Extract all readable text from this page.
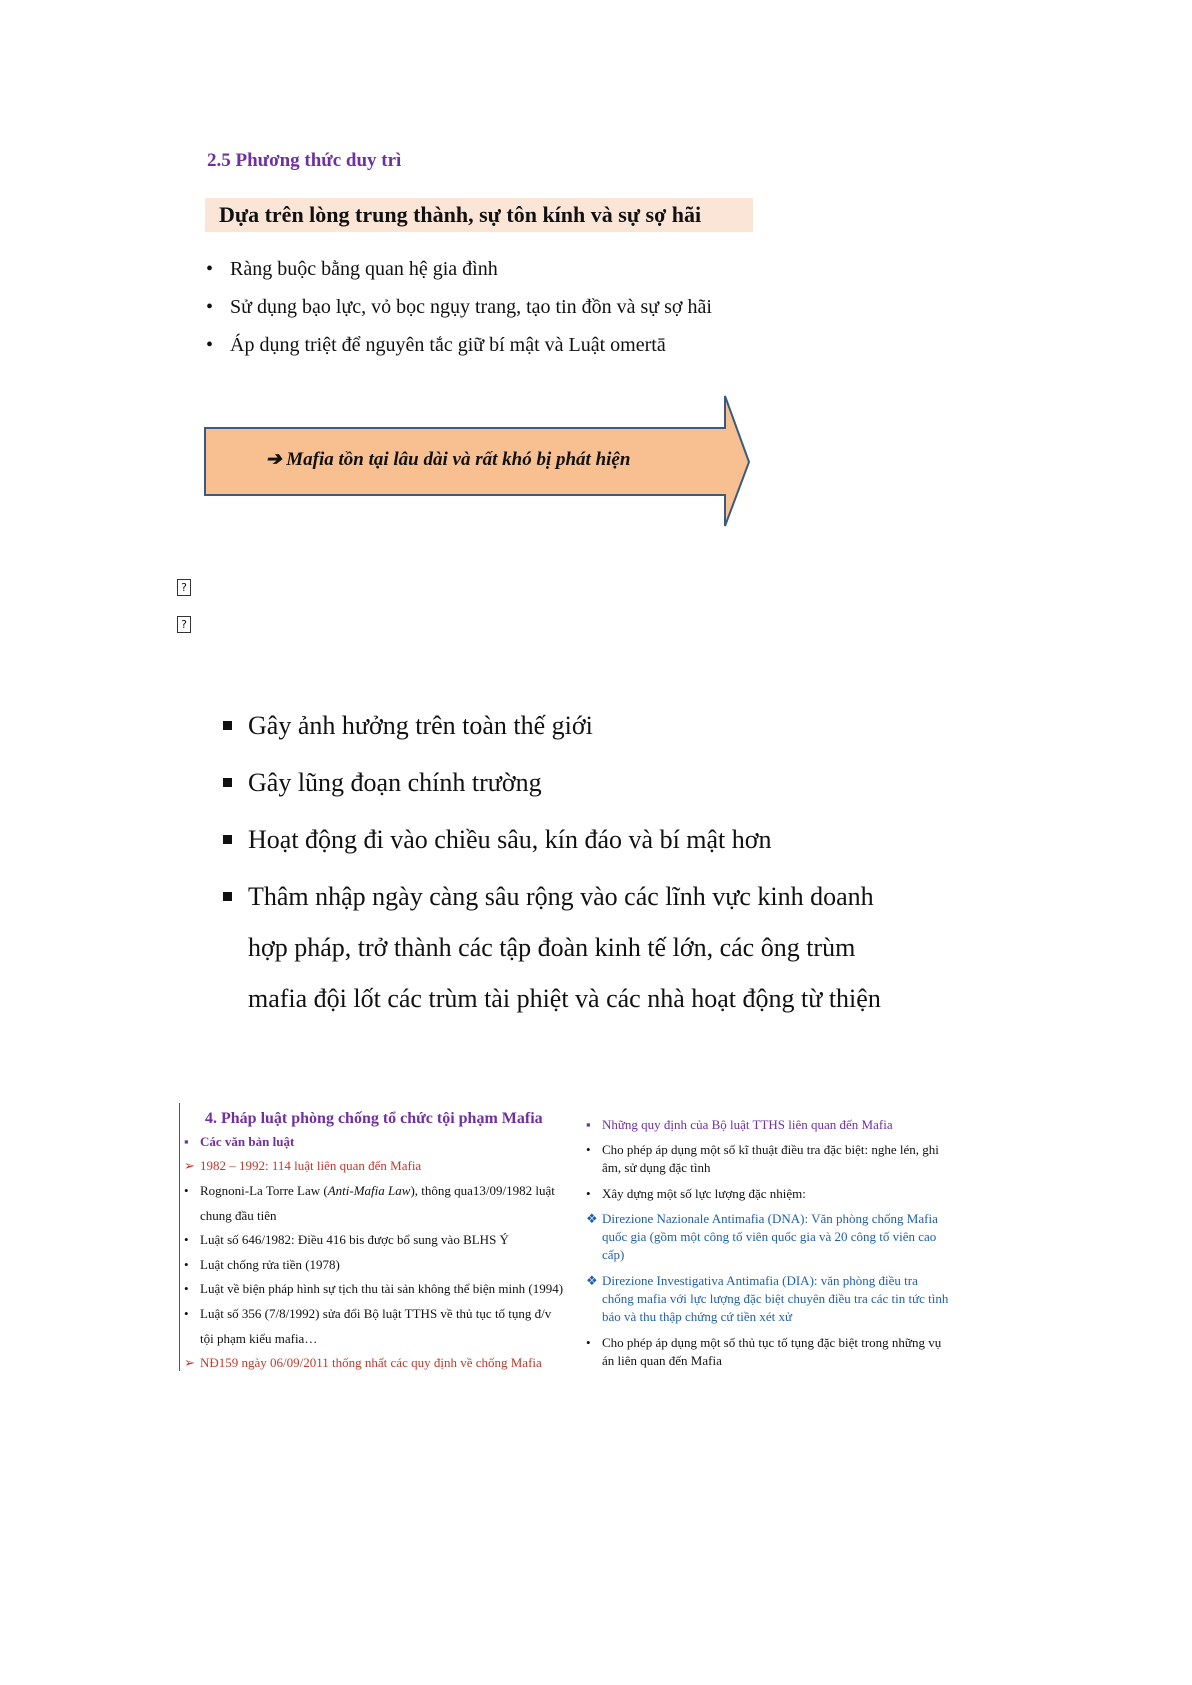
2.5 Phương thức duy trì
Dựa trên lòng trung thành, sự tôn kính và sự sợ hãi
• Ràng buộc bằng quan hệ gia đình
• Sử dụng bạo lực, vỏ bọc ngụy trang, tạo tin đồn và sự sợ hãi
• Áp dụng triệt để nguyên tắc giữ bí mật và Luật omertā
➔ Mafia tồn tại lâu dài và rất khó bị phát hiện
?
?
Gây ảnh hưởng trên toàn thế giới
Gây lũng đoạn chính trường
Hoạt động đi vào chiều sâu, kín đáo và bí mật hơn
Thâm nhập ngày càng sâu rộng vào các lĩnh vực kinh doanh hợp pháp, trở thành các tập đoàn kinh tế lớn, các ông trùm mafia đội lốt các trùm tài phiệt và các nhà hoạt động từ thiện
4. Pháp luật phòng chống tổ chức tội phạm Mafia
▪ Các văn bản luật
➢ 1982 – 1992: 114 luật liên quan đến Mafia
• Rognoni-La Torre Law (Anti-Mafia Law), thông qua13/09/1982 luật
chung đầu tiên
• Luật số 646/1982: Điều 416 bis được bổ sung vào BLHS Ý
• Luật chống rửa tiền (1978)
• Luật về biện pháp hình sự tịch thu tài sản không thể biện minh (1994)
• Luật số 356 (7/8/1992) sửa đổi Bộ luật TTHS về thủ tục tố tụng đ/v
tội phạm kiểu mafia…
➢ NĐ159 ngày 06/09/2011 thống nhất các quy định về chống Mafia
▪ Những quy định của Bộ luật TTHS liên quan đến Mafia
• Cho phép áp dụng một số kĩ thuật điều tra đặc biệt: nghe lén, ghi
âm, sử dụng đặc tình
• Xây dựng một số lực lượng đặc nhiệm:
❖ Direzione Nazionale Antimafia (DNA): Văn phòng chống Mafia
quốc gia (gồm một công tố viên quốc gia và 20 công tố viên cao
cấp)
❖ Direzione Investigativa Antimafia (DIA): văn phòng điều tra
chống mafia với lực lượng đặc biệt chuyên điều tra các tin tức tình
báo và thu thập chứng cứ tiền xét xử
• Cho phép áp dụng một số thủ tục tố tụng đặc biệt trong những vụ
án liên quan đến Mafia
